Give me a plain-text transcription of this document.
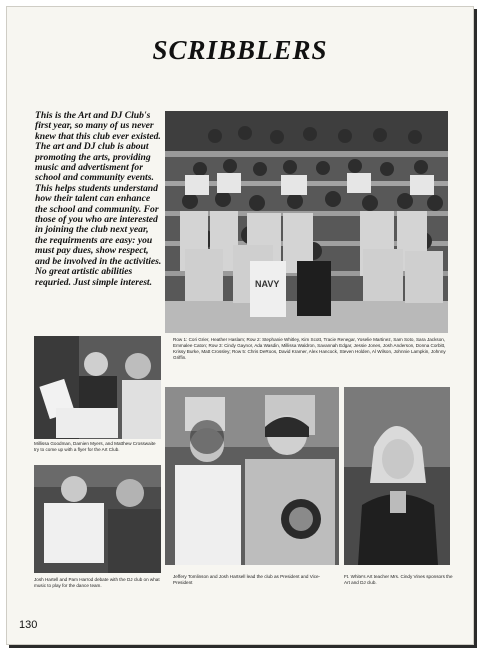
SCRIBBLERS
This is the Art and DJ Club's first year, so many of us never knew that this club ever existed. The art and DJ club is about promoting the arts, providing music and advertisment for school and community events. This helps students understand how their talent can enhance the school and community. For those of you who are interested in joining the club next year, the requirments are easy: you must pay dues, show respect, and be involved in the activities. No great artistic abilities requried. Just simple interest.	NAVY
Row 1: Cori Grier, Heather Haslam; Row 2: Stephanie Whitley, Kim Scott, Tracie Renegar, Yoselie Martinez, Sam Soto, Sara Jackson, Emmalee Caton; Row 3: Cindy Gaynor, Ada Wasdin, Millissa Waldron, Savannah Edgar, Jessie Jones, Josh Anderson, Donna Corbitt, Krissy Burke, Matt Crossley; Row 5: Chris DeRoos, David Kramer, Alex Hancock, Steven Holden, Al Wilson, Johnnie Lampkin, Johnny Griffin.
Millissa Goodman, Damien Myers, and Matthew Crosswaite try to come up with a flyer for the Art Club.
Josh Hartell and Pam Harrod debate with the DJ club on what music to play for the dance team.
Jeffery Tomlinson and Josh Hartsell lead the club as President and Vice-President
Ft. White's Art teacher Mrs. Cindy Vines sponsors the Art and DJ club.
130
